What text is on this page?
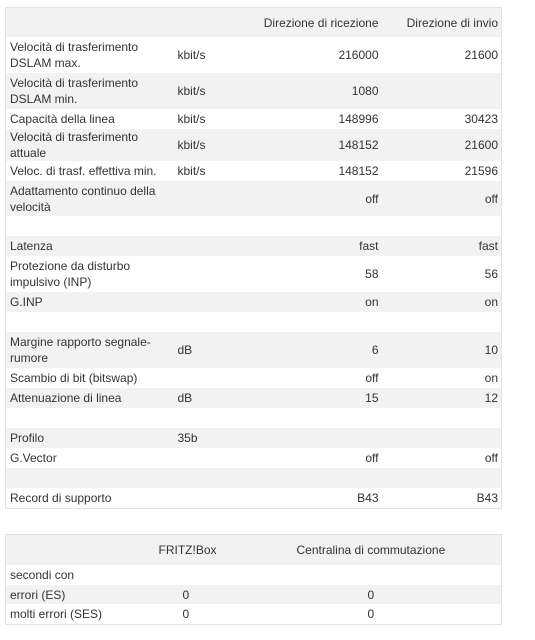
		Direzione di ricezione	Direzione di invio
Velocità di trasferimento DSLAM max.	kbit/s	216000	21600
Velocità di trasferimento DSLAM min.	kbit/s	1080	
Capacità della linea	kbit/s	148996	30423
Velocità di trasferimento attuale	kbit/s	148152	21600
Veloc. di trasf. effettiva min.	kbit/s	148152	21596
Adattamento continuo della velocità		off	off

Latenza		fast	fast
Protezione da disturbo impulsivo (INP)		58	56
G.INP		on	on

Margine rapporto segnale-rumore	dB	6	10
Scambio di bit (bitswap)		off	on
Attenuazione di linea	dB	15	12

Profilo	35b		
G.Vector		off	off

Record di supporto		B43	B43
	FRITZ!Box	Centralina di commutazione
secondi con		
errori (ES)	0	0
molti errori (SES)	0	0
